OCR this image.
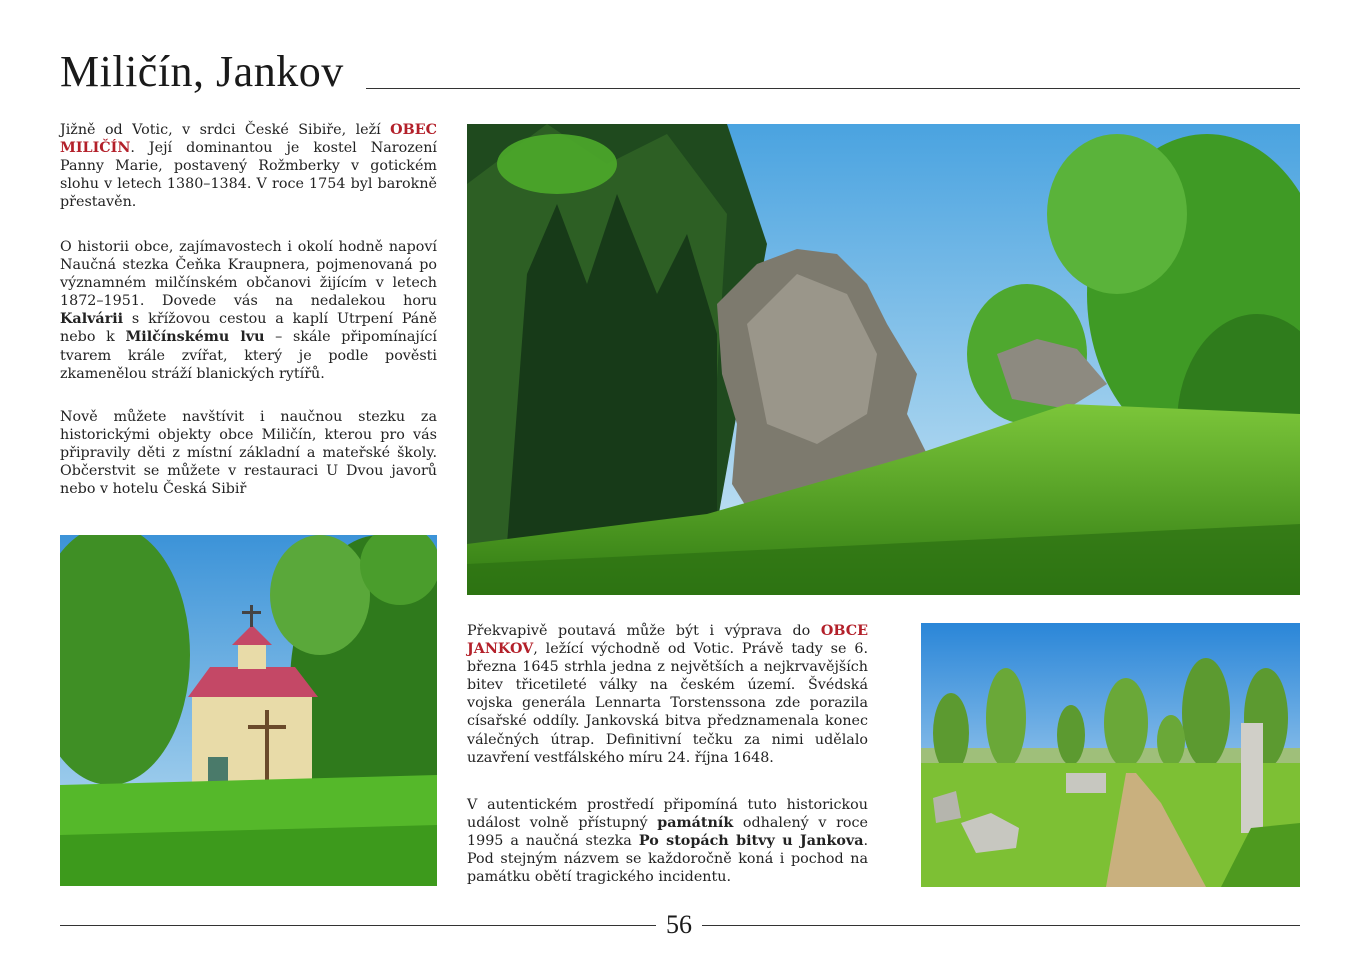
Miličín, Jankov
Jižně od Votic, v srdci České Sibiře, leží OBEC MILIČÍN. Její dominantou je kostel Narození Panny Marie, postavený Rožmberky v gotickém slohu v letech 1380–1384. V roce 1754 byl barokně přestavěn.
O historii obce, zajímavostech i okolí hodně napoví Naučná stezka Čeňka Kraupnera, pojmenovaná po významném milčínském občanovi žijícím v letech 1872–1951. Dovede vás na nedalekou horu Kalvárii s křížovou cestou a kaplí Utrpení Páně nebo k Milčínskému lvu – skále připomínající tvarem krále zvířat, který je podle pověsti zkamenělou stráží blanických rytířů.
Nově můžete navštívit i naučnou stezku za historickými objekty obce Miličín, kterou pro vás připravily děti z místní základní a mateřské školy. Občerstvit se můžete v restauraci U Dvou javorů nebo v hotelu Česká Sibiř
Překvapivě poutavá může být i výprava do OBCE JANKOV, ležící východně od Votic. Právě tady se 6. března 1645 strhla jedna z největších a nejkrvavějších bitev třicetileté války na českém území. Švédská vojska generála Lennarta Torstenssona zde porazila císařské oddíly. Jankovská bitva předznamenala konec válečných útrap. Definitivní tečku za nimi udělalo uzavření vestfálského míru 24. října 1648.
V autentickém prostředí připomíná tuto historickou událost volně přístupný památník odhalený v roce 1995 a naučná stezka Po stopách bitvy u Jankova. Pod stejným názvem se každoročně koná i pochod na památku obětí tragického incidentu.
56
